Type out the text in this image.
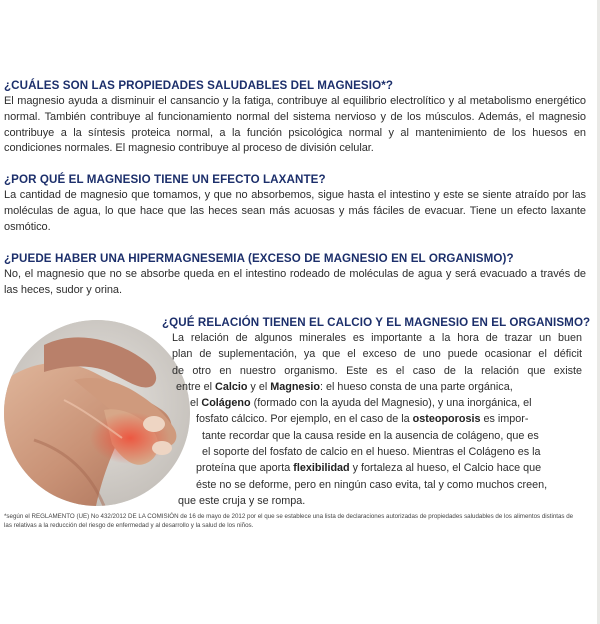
¿CUÁLES SON LAS PROPIEDADES SALUDABLES DEL MAGNESIO*?

El magnesio ayuda a disminuir el cansancio y la fatiga, contribuye al equilibrio electrolítico y al metabolismo energético normal. También contribuye al funcionamiento normal del sistema nervioso y de los músculos. Además, el magnesio contribuye a la síntesis proteica normal, a la función psicológica normal y al mantenimiento de los huesos en condiciones normales. El magnesio contribuye al proceso de división celular.

¿POR QUÉ EL MAGNESIO TIENE UN EFECTO LAXANTE?

La cantidad de magnesio que tomamos, y que no absorbemos, sigue hasta el intestino y este se siente atraído por las moléculas de agua, lo que hace que las heces sean más acuosas y más fáciles de evacuar. Tiene un efecto laxante osmótico.

¿PUEDE HABER UNA HIPERMAGNESEMIA (EXCESO DE MAGNESIO EN EL ORGANISMO)?

No, el magnesio que no se absorbe queda en el intestino rodeado de moléculas de agua y será evacuado a través de las heces, sudor y orina.

¿QUÉ RELACIÓN TIENEN EL CALCIO Y EL MAGNESIO EN EL ORGANISMO?
La relación de algunos minerales es importante a la hora de trazar un buen
plan de suplementación, ya que el exceso de uno puede ocasionar el déficit
de otro en nuestro organismo. Este es el caso de la relación que existe
entre el Calcio y el Magnesio: el hueso consta de una parte orgánica,
el Colágeno (formado con la ayuda del Magnesio), y una inorgánica, el
fosfato cálcico. Por ejemplo, en el caso de la osteoporosis es impor-
tante recordar que la causa reside en la ausencia de colágeno, que es
el soporte del fosfato de calcio en el hueso. Mientras el Colágeno es la
proteína que aporta flexibilidad y fortaleza al hueso, el Calcio hace que
éste no se deforme, pero en ningún caso evita, tal y como muchos creen,
que este cruja y se rompa.
*según el REGLAMENTO (UE) No 432/2012 DE LA COMISIÓN de 16 de mayo de 2012 por el que se establece una lista de declaraciones autorizadas de propiedades saludables de los alimentos distintas de las relativas a la reducción del riesgo de enfermedad y al desarrollo y la salud de los niños.
